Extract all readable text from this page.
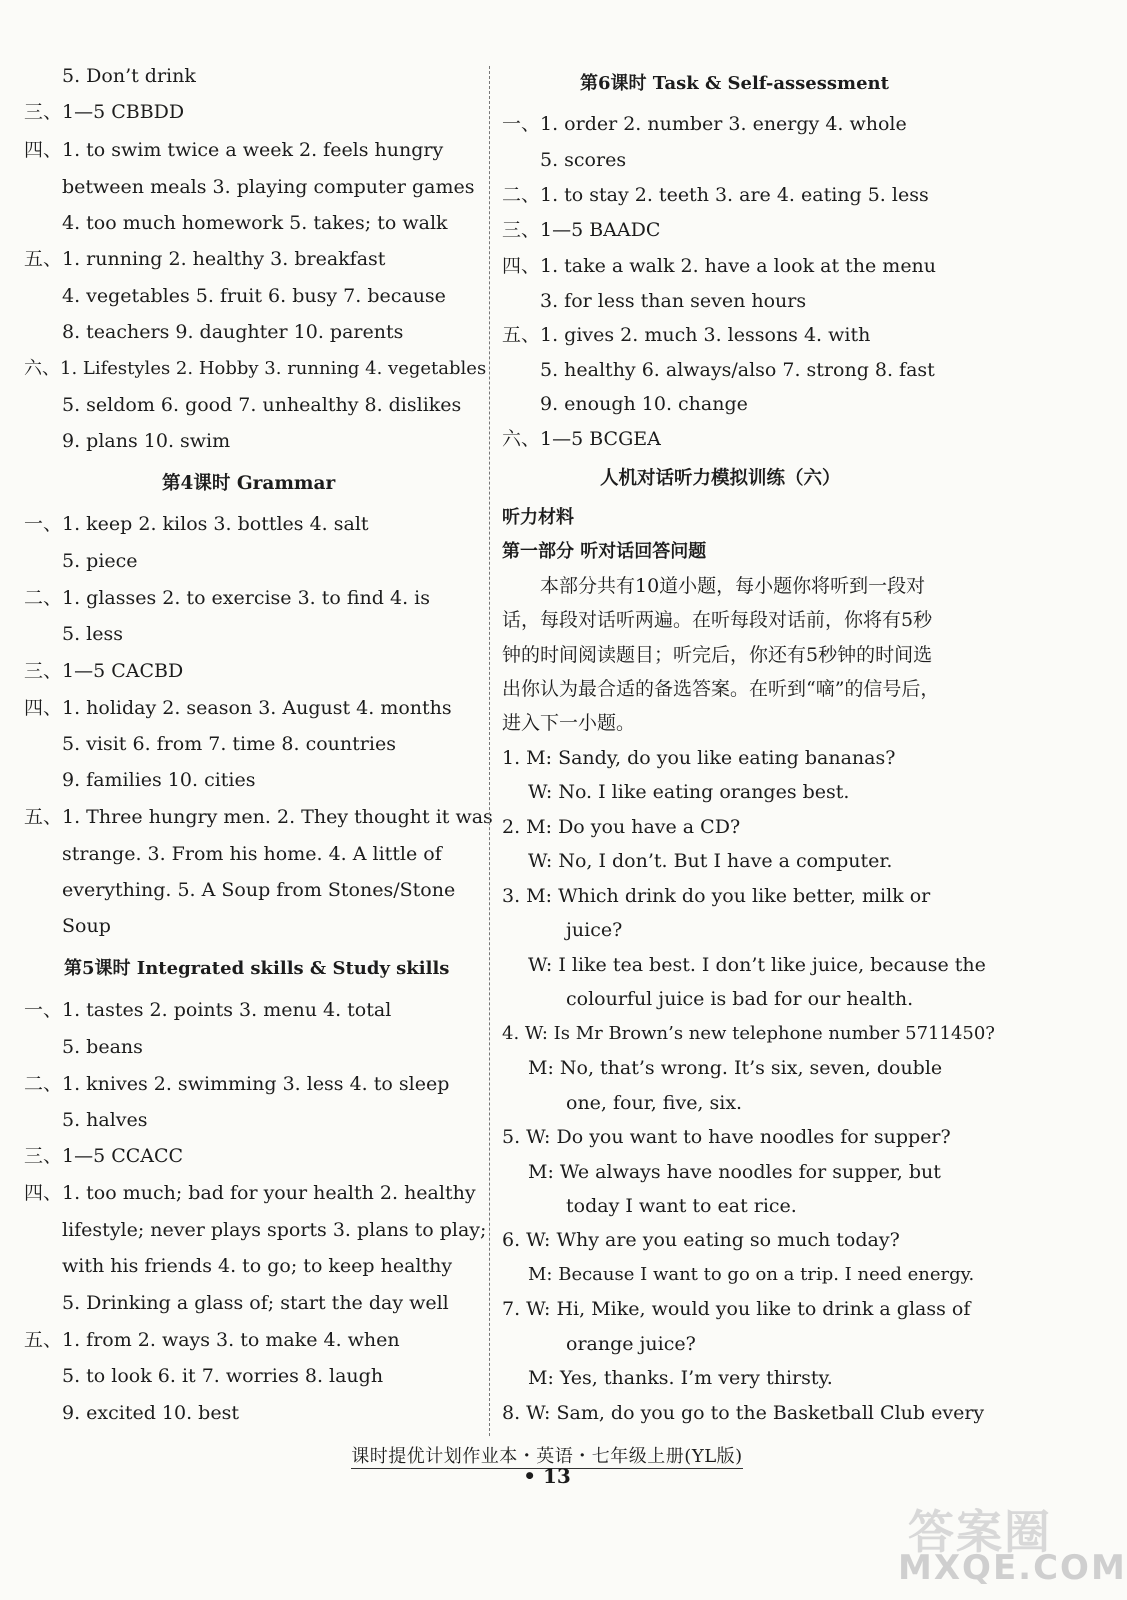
5. Don’t drink
三、1—5 CBBDD
四、1. to swim twice a week 2. feels hungry
between meals 3. playing computer games
4. too much homework 5. takes; to walk
五、1. running 2. healthy 3. breakfast
4. vegetables 5. fruit 6. busy 7. because
8. teachers 9. daughter 10. parents
六、1. Lifestyles 2. Hobby 3. running 4. vegetables
5. seldom 6. good 7. unhealthy 8. dislikes
9. plans 10. swim
第4课时 Grammar
一、1. keep 2. kilos 3. bottles 4. salt
5. piece
二、1. glasses 2. to exercise 3. to find 4. is
5. less
三、1—5 CACBD
四、1. holiday 2. season 3. August 4. months
5. visit 6. from 7. time 8. countries
9. families 10. cities
五、1. Three hungry men. 2. They thought it was
strange. 3. From his home. 4. A little of
everything. 5. A Soup from Stones/Stone
Soup
第5课时 Integrated skills & Study skills
一、1. tastes 2. points 3. menu 4. total
5. beans
二、1. knives 2. swimming 3. less 4. to sleep
5. halves
三、1—5 CCACC
四、1. too much; bad for your health 2. healthy
lifestyle; never plays sports 3. plans to play;
with his friends 4. to go; to keep healthy
5. Drinking a glass of; start the day well
五、1. from 2. ways 3. to make 4. when
5. to look 6. it 7. worries 8. laugh
9. excited 10. best
第6课时 Task & Self-assessment
一、1. order 2. number 3. energy 4. whole
5. scores
二、1. to stay 2. teeth 3. are 4. eating 5. less
三、1—5 BAADC
四、1. take a walk 2. have a look at the menu
3. for less than seven hours
五、1. gives 2. much 3. lessons 4. with
5. healthy 6. always/also 7. strong 8. fast
9. enough 10. change
六、1—5 BCGEA
人机对话听力模拟训练（六）
听力材料
第一部分 听对话回答问题
本部分共有10道小题，每小题你将听到一段对
话，每段对话听两遍。在听每段对话前，你将有5秒
钟的时间阅读题目；听完后，你还有5秒钟的时间选
出你认为最合适的备选答案。在听到“嘀”的信号后，
进入下一小题。
1. M: Sandy, do you like eating bananas?
W: No. I like eating oranges best.
2. M: Do you have a CD?
W: No, I don’t. But I have a computer.
3. M: Which drink do you like better, milk or
juice?
W: I like tea best. I don’t like juice, because the
colourful juice is bad for our health.
4. W: Is Mr Brown’s new telephone number 5711450?
M: No, that’s wrong. It’s six, seven, double
one, four, five, six.
5. W: Do you want to have noodles for supper?
M: We always have noodles for supper, but
today I want to eat rice.
6. W: Why are you eating so much today?
M: Because I want to go on a trip. I need energy.
7. W: Hi, Mike, would you like to drink a glass of
orange juice?
M: Yes, thanks. I’m very thirsty.
8. W: Sam, do you go to the Basketball Club every
课时提优计划作业本・英语・七年级上册(YL版)
• 13
答案圈
MXQE.COM
